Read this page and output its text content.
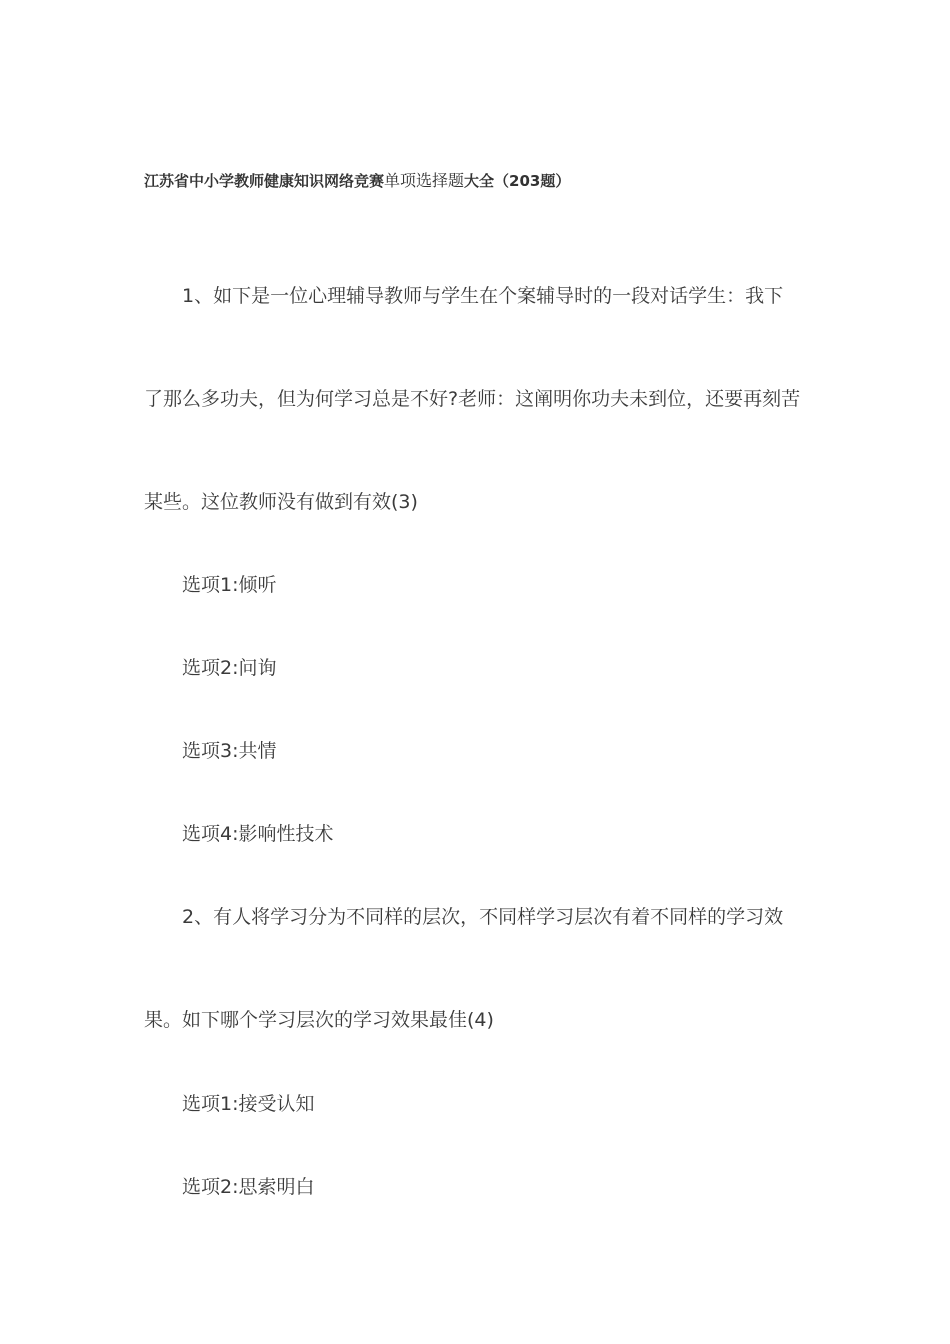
江苏省中小学教师健康知识网络竞赛单项选择题大全（203题）
1、如下是一位心理辅导教师与学生在个案辅导时的一段对话学生：我下
了那么多功夫，但为何学习总是不好?老师：这阐明你功夫未到位，还要再刻苦
某些。这位教师没有做到有效(3)
选项1:倾听
选项2:问询
选项3:共情
选项4:影响性技术
2、有人将学习分为不同样的层次，不同样学习层次有着不同样的学习效
果。如下哪个学习层次的学习效果最佳(4)
选项1:接受认知
选项2:思索明白
